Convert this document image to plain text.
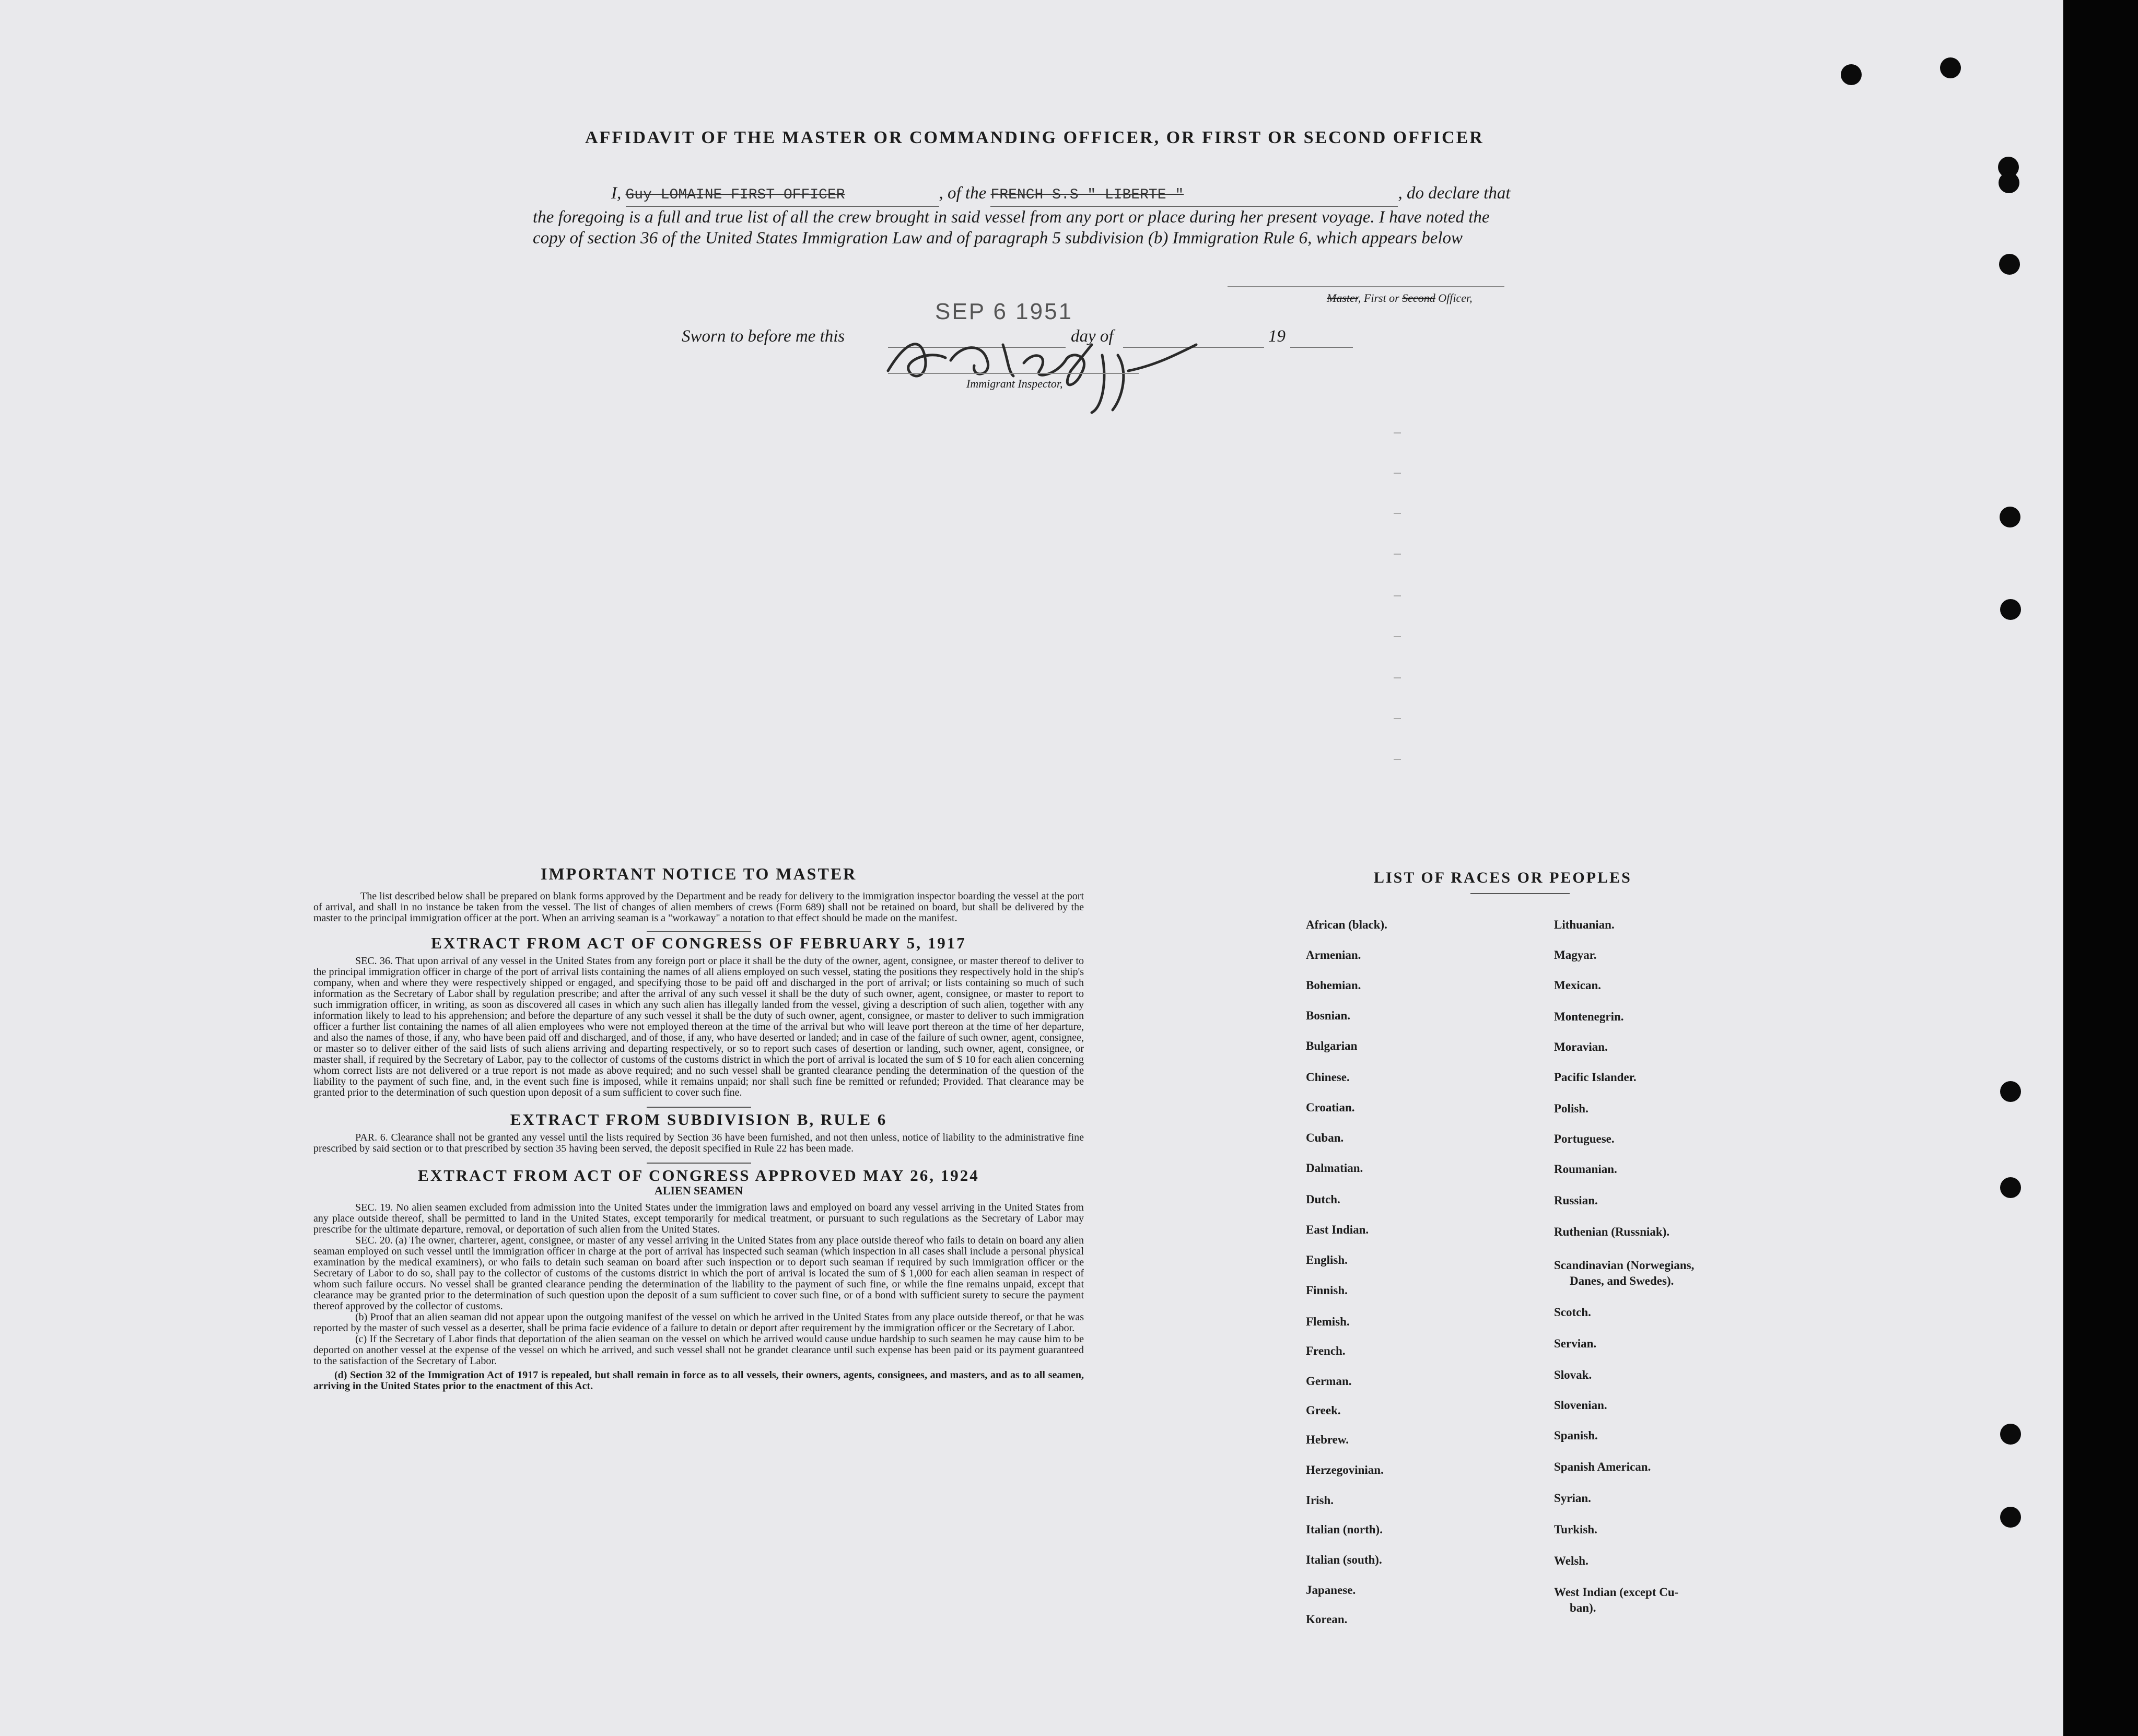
AFFIDAVIT OF THE MASTER OR COMMANDING OFFICER, OR FIRST OR SECOND OFFICER
I, Guy LOMAINE FIRST OFFICER	, of the FRENCH S.S " LIBERTE "	, do declare that the foregoing is a full and true list of all the crew brought in said vessel from any port or place during her present voyage. I have noted the copy of section 36 of the United States Immigration Law and of paragraph 5 subdivision (b) Immigration Rule 6, which appears below
Master, First or Second Officer,
SEP 6 1951
Sworn to before me this	day of	19
Immigrant Inspector,
IMPORTANT NOTICE TO MASTER
The list described below shall be prepared on blank forms approved by the Department and be ready for delivery to the immigration inspector boarding the vessel at the port of arrival, and shall in no instance be taken from the vessel. The list of changes of alien members of crews (Form 689) shall not be retained on board, but shall be delivered by the master to the principal immigration officer at the port. When an arriving seaman is a "workaway" a notation to that effect should be made on the manifest.
EXTRACT FROM ACT OF CONGRESS OF FEBRUARY 5, 1917
SEC. 36. That upon arrival of any vessel in the United States from any foreign port or place it shall be the duty of the owner, agent, consignee, or master thereof to deliver to the principal immigration officer in charge of the port of arrival lists containing the names of all aliens employed on such vessel, stating the positions they respectively hold in the ship's company, when and where they were respectively shipped or engaged, and specifying those to be paid off and discharged in the port of arrival; or lists containing so much of such information as the Secretary of Labor shall by regulation prescribe; and after the arrival of any such vessel it shall be the duty of such owner, agent, consignee, or master to report to such immigration officer, in writing, as soon as discovered all cases in which any such alien has illegally landed from the vessel, giving a description of such alien, together with any information likely to lead to his apprehension; and before the departure of any such vessel it shall be the duty of such owner, agent, consignee, or master to deliver to such immigration officer a further list containing the names of all alien employees who were not employed thereon at the time of the arrival but who will leave port thereon at the time of her departure, and also the names of those, if any, who have been paid off and discharged, and of those, if any, who have deserted or landed; and in case of the failure of such owner, agent, consignee, or master so to deliver either of the said lists of such aliens arriving and departing respectively, or so to report such cases of desertion or landing, such owner, agent, consignee, or master shall, if required by the Secretary of Labor, pay to the collector of customs of the customs district in which the port of arrival is located the sum of $ 10 for each alien concerning whom correct lists are not delivered or a true report is not made as above required; and no such vessel shall be granted clearance pending the determination of the question of the liability to the payment of such fine, and, in the event such fine is imposed, while it remains unpaid; nor shall such fine be remitted or refunded; Provided. That clearance may be granted prior to the determination of such question upon deposit of a sum sufficient to cover such fine.
EXTRACT FROM SUBDIVISION B, RULE 6
PAR. 6. Clearance shall not be granted any vessel until the lists required by Section 36 have been furnished, and not then unless, notice of liability to the administrative fine prescribed by said section or to that prescribed by section 35 having been served, the deposit specified in Rule 22 has been made.
EXTRACT FROM ACT OF CONGRESS APPROVED MAY 26, 1924
ALIEN SEAMEN
SEC. 19. No alien seamen excluded from admission into the United States under the immigration laws and employed on board any vessel arriving in the United States from any place outside thereof, shall be permitted to land in the United States, except temporarily for medical treatment, or pursuant to such regulations as the Secretary of Labor may prescribe for the ultimate departure, removal, or deportation of such alien from the United States.
SEC. 20. (a) The owner, charterer, agent, consignee, or master of any vessel arriving in the United States from any place outside thereof who fails to detain on board any alien seaman employed on such vessel until the immigration officer in charge at the port of arrival has inspected such seaman (which inspection in all cases shall include a personal physical examination by the medical examiners), or who fails to detain such seaman on board after such inspection or to deport such seaman if required by such immigration officer or the Secretary of Labor to do so, shall pay to the collector of customs of the customs district in which the port of arrival is located the sum of $ 1,000 for each alien seaman in respect of whom such failure occurs. No vessel shall be granted clearance pending the determination of the liability to the payment of such fine, or while the fine remains unpaid, except that clearance may be granted prior to the determination of such question upon the deposit of a sum sufficient to cover such fine, or of a bond with sufficient surety to secure the payment thereof approved by the collector of customs.
(b) Proof that an alien seaman did not appear upon the outgoing manifest of the vessel on which he arrived in the United States from any place outside thereof, or that he was reported by the master of such vessel as a deserter, shall be prima facie evidence of a failure to detain or deport after requirement by the immigration officer or the Secretary of Labor.
(c) If the Secretary of Labor finds that deportation of the alien seaman on the vessel on which he arrived would cause undue hardship to such seamen he may cause him to be deported on another vessel at the expense of the vessel on which he arrived, and such vessel shall not be grandet clearance until such expense has been paid or its payment guaranteed to the satisfaction of the Secretary of Labor.
(d) Section 32 of the Immigration Act of 1917 is repealed, but shall remain in force as to all vessels, their owners, agents, consignees, and masters, and as to all seamen, arriving in the United States prior to the enactment of this Act.
LIST OF RACES OR PEOPLES
African (black).
Armenian.
Bohemian.
Bosnian.
Bulgarian
Chinese.
Croatian.
Cuban.
Dalmatian.
Dutch.
East Indian.
English.
Finnish.
Flemish.
French.
German.
Greek.
Hebrew.
Herzegovinian.
Irish.
Italian (north).
Italian (south).
Japanese.
Korean.
Lithuanian.
Magyar.
Mexican.
Montenegrin.
Moravian.
Pacific Islander.
Polish.
Portuguese.
Roumanian.
Russian.
Ruthenian (Russniak).
Scandinavian (Norwegians,
Danes, and Swedes).
Scotch.
Servian.
Slovak.
Slovenian.
Spanish.
Spanish American.
Syrian.
Turkish.
Welsh.
West Indian (except Cu-
ban).
